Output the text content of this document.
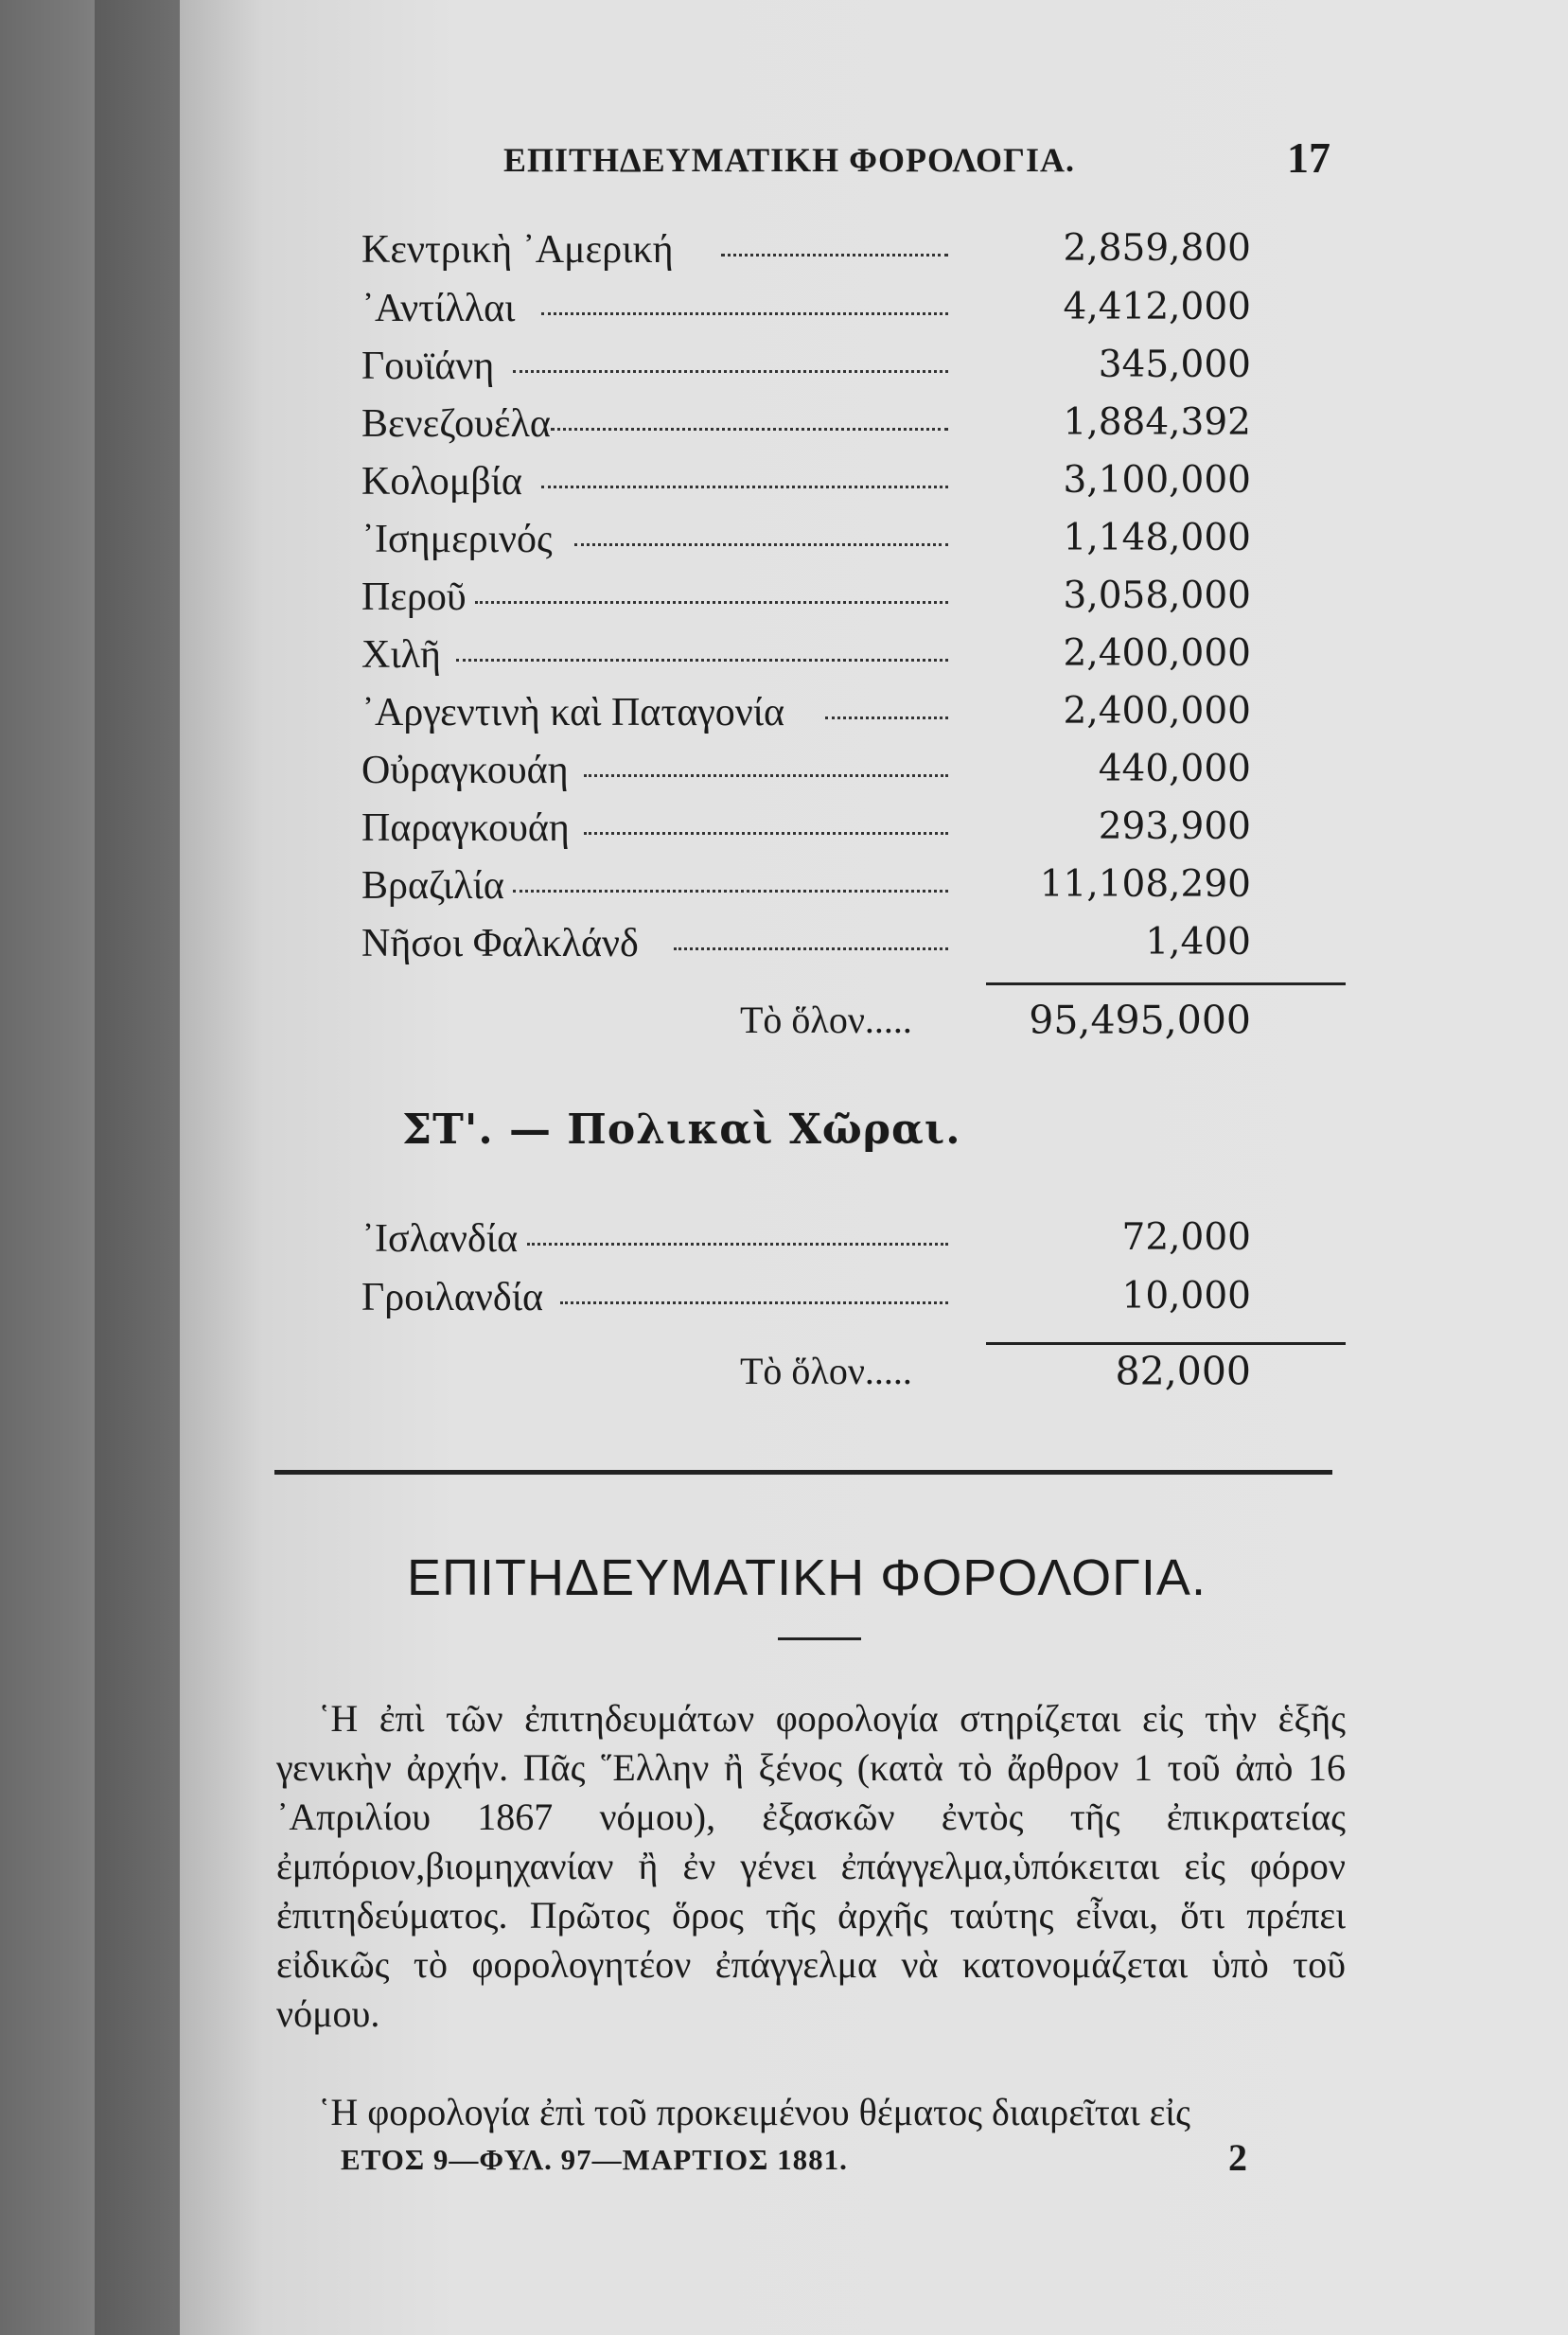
ΕΠΙΤΗΔΕΥΜΑΤΙΚΗ ΦΟΡΟΛΟΓΙΑ.	17
Κεντρικὴ ᾿Αμερική	2,859,800
᾿Αντίλλαι	4,412,000
Γουϊάνη	345,000
Βενεζουέλα	1,884,392
Κολομβία	3,100,000
᾿Ισημερινός	1,148,000
Περοῦ	3,058,000
Χιλῆ	2,400,000
᾿Αργεντινὴ καὶ Παταγονία	2,400,000
Οὐραγκουάη	440,000
Παραγκουάη	293,900
Βραζιλία	11,108,290
Νῆσοι Φαλκλάνδ	1,400
Τὸ ὅλον.....	95,495,000
ΣΤ'. — Πολικαὶ Χῶραι.
᾿Ισλανδία	72,000
Γροιλανδία	10,000
Τὸ ὅλον.....	82,000
ΕΠΙΤΗΔΕΥΜΑΤΙΚΗ ΦΟΡΟΛΟΓΙΑ.
῾Η ἐπὶ τῶν ἐπιτηδευμάτων φορολογία στηρίζεται εἰς τὴν ἑξῆς γενικὴν ἀρχήν. Πᾶς ῞Ελλην ἢ ξένος (κατὰ τὸ ἄρθρον 1 τοῦ ἀπὸ 16 ᾿Απριλίου 1867 νόμου), ἐξασκῶν ἐντὸς τῆς ἐπικρατείας ἐμπόριον,βιομηχανίαν ἢ ἐν γένει ἐπάγγελμα,ὑπόκειται εἰς φόρον ἐπιτηδεύματος. Πρῶτος ὅρος τῆς ἀρχῆς ταύτης εἶναι, ὅτι πρέπει εἰδικῶς τὸ φορολογητέον ἐπάγγελμα νὰ κατονομάζεται ὑπὸ τοῦ νόμου.
῾Η φορολογία ἐπὶ τοῦ προκειμένου θέματος διαιρεῖται εἰς
ΕΤΟΣ 9—ΦΥΛ. 97—ΜΑΡΤΙΟΣ 1881.	2
